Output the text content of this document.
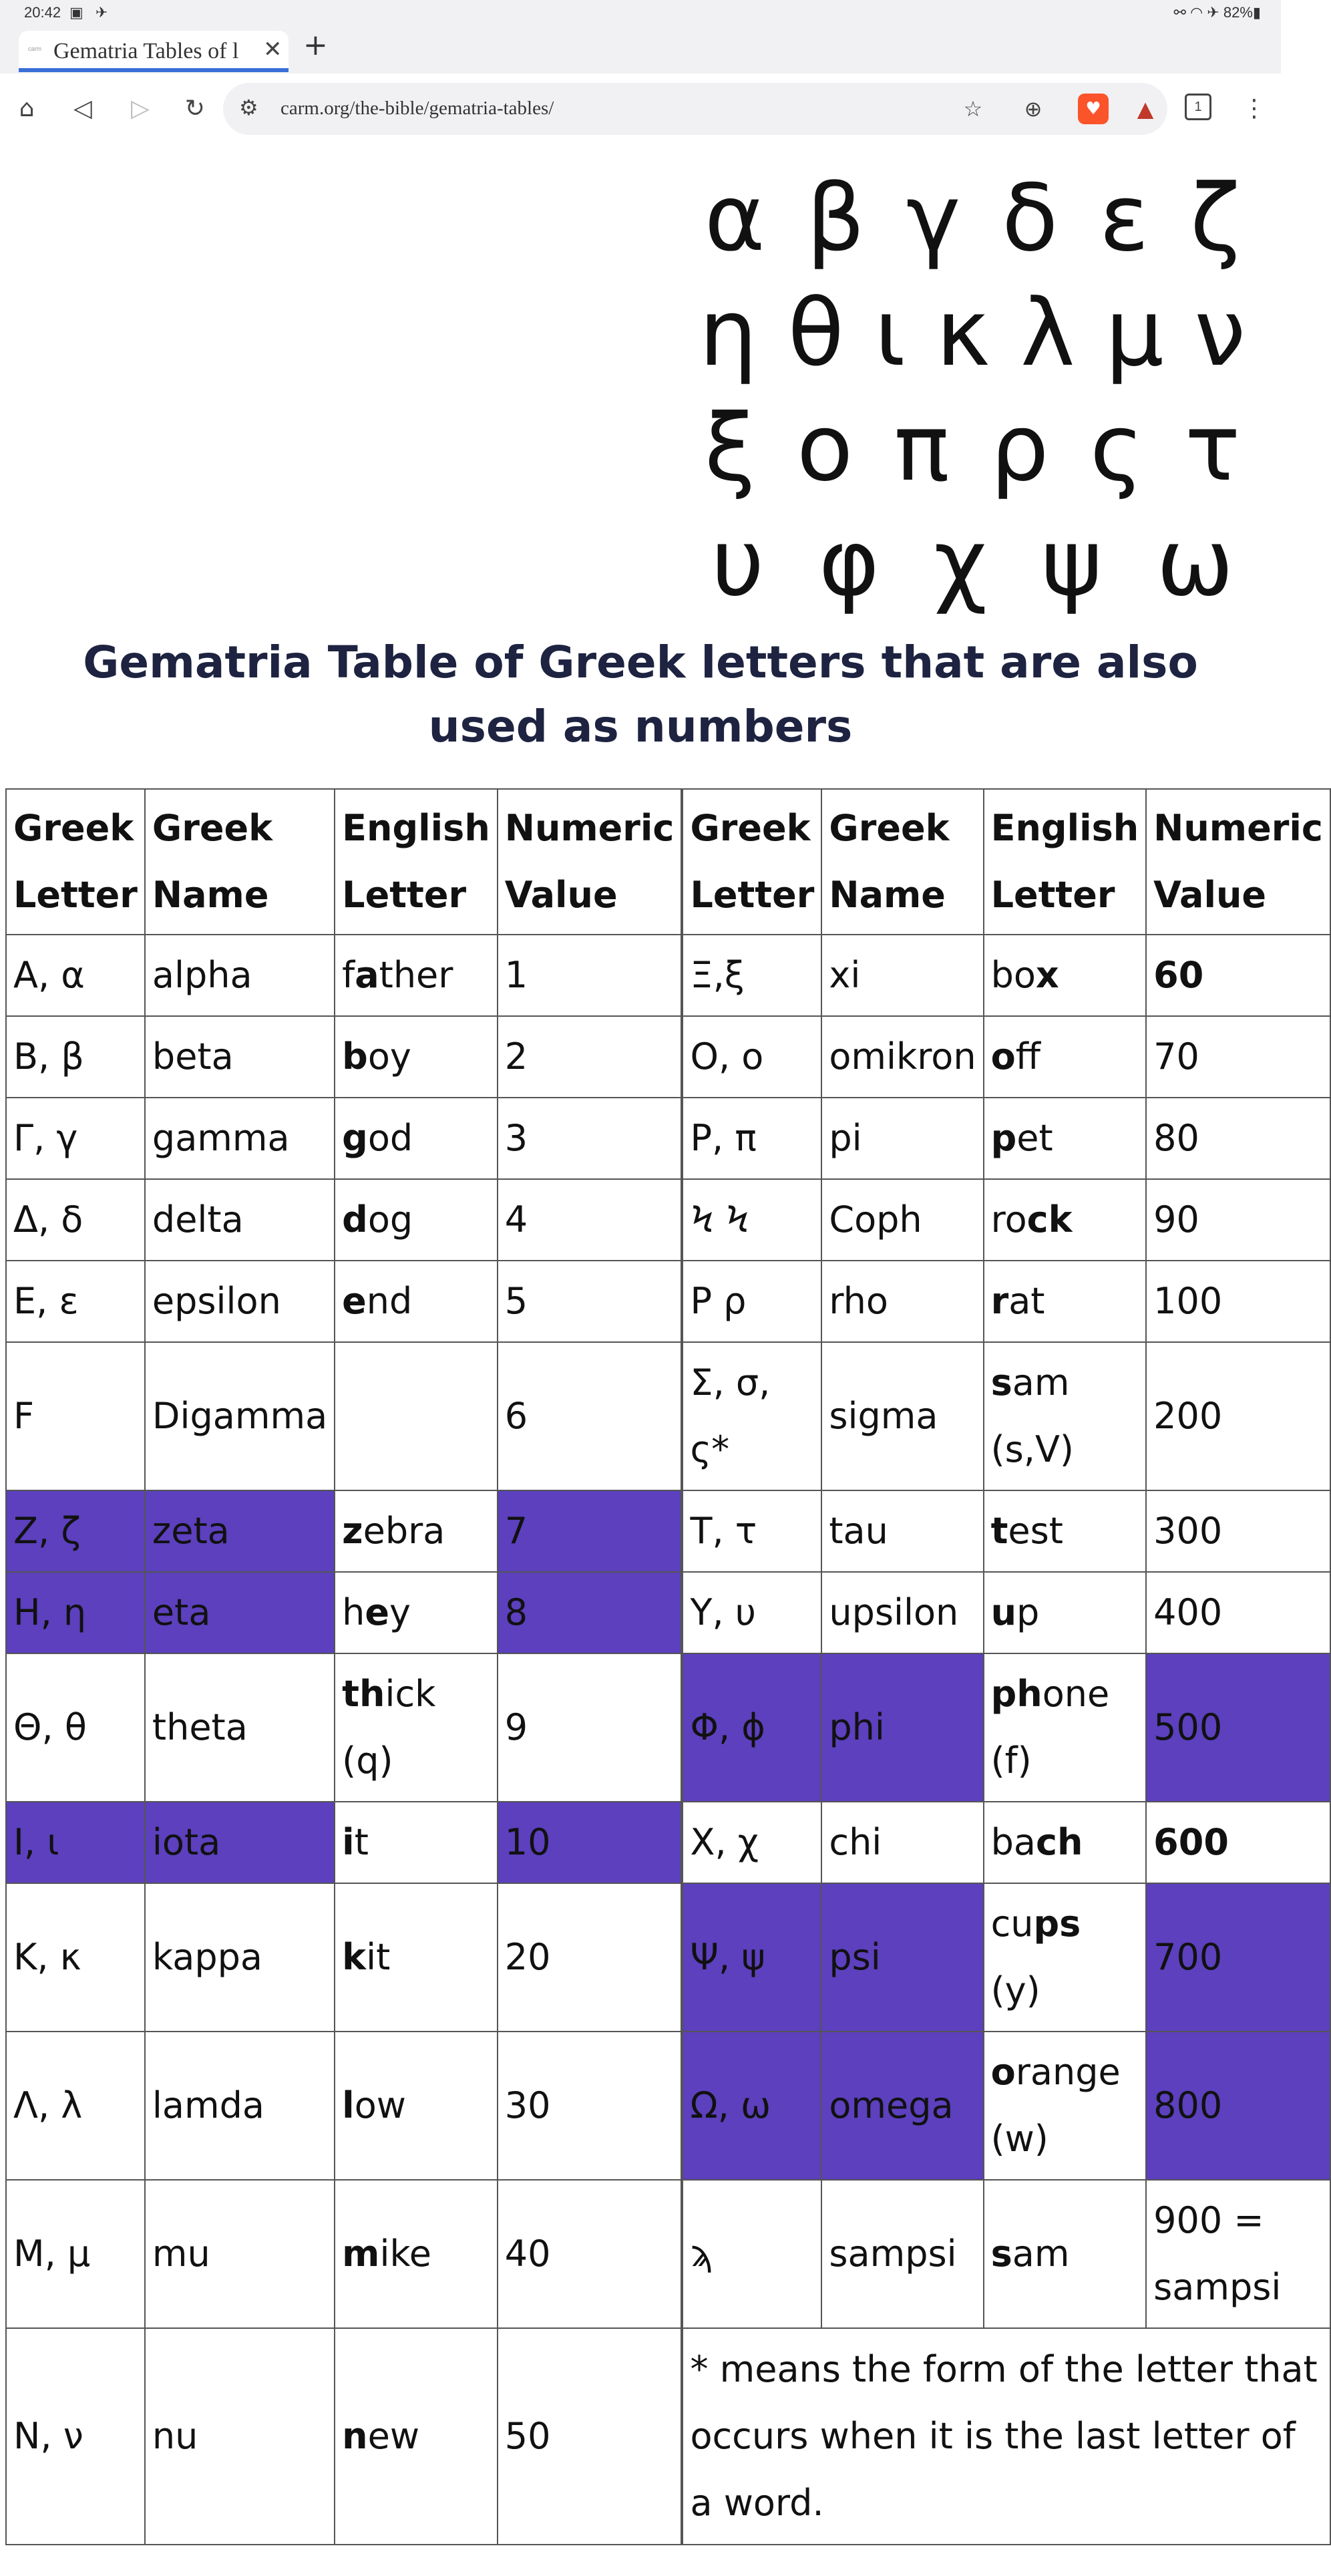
20:42 ▣ ✈	⚯ ◠ ✈ 82%▮
carm Gematria Tables of l	✕ +
⌂	◁	▷	↻	⚙ carm.org/the-bible/gematria-tables/	☆ ⊕	♥	▲	1	⋮
α β γ δ ε ζ
η θ ι κ λ μ ν
ξ ο π ρ ς τ
υ φ χ ψ ω
Gematria Table of Greek letters that are also used as numbers
Greek Letter	Greek Name	English Letter	Numeric Value		Greek Letter	Greek Name	English Letter	Numeric Value
Α, α	alpha	father	1		Ξ,ξ	xi	box	60
Β, β	beta	boy	2		Ο, ο	omikron	off	70
Γ, γ	gamma	god	3		Ρ, π	pi	pet	80
Δ, δ	delta	dog	4		Ϟ Ϟ	Coph	rock	90
Ε, ε	epsilon	end	5		Ρ ρ	rho	rat	100
F	Digamma		6		Σ, σ, ς*	sigma	sam (s,V)	200
Ζ, ζ	zeta	zebra	7		Τ, τ	tau	test	300
Η, η	eta	hey	8		Υ, υ	upsilon	up	400
Θ, θ	theta	thick (q)	9		Φ, ϕ	phi	phone (f)	500
Ι, ι	iota	it	10		Χ, χ	chi	bach	600
Κ, κ	kappa	kit	20		Ψ, ψ	psi	cups (y)	700
Λ, λ	lamda	low	30		Ω, ω	omega	orange (w)	800
Μ, μ	mu	mike	40		ϡ	sampsi	sam	900 = sampsi
Ν, ν	nu	new	50		* means the form of the letter that occurs when it is the last letter of a word.			
